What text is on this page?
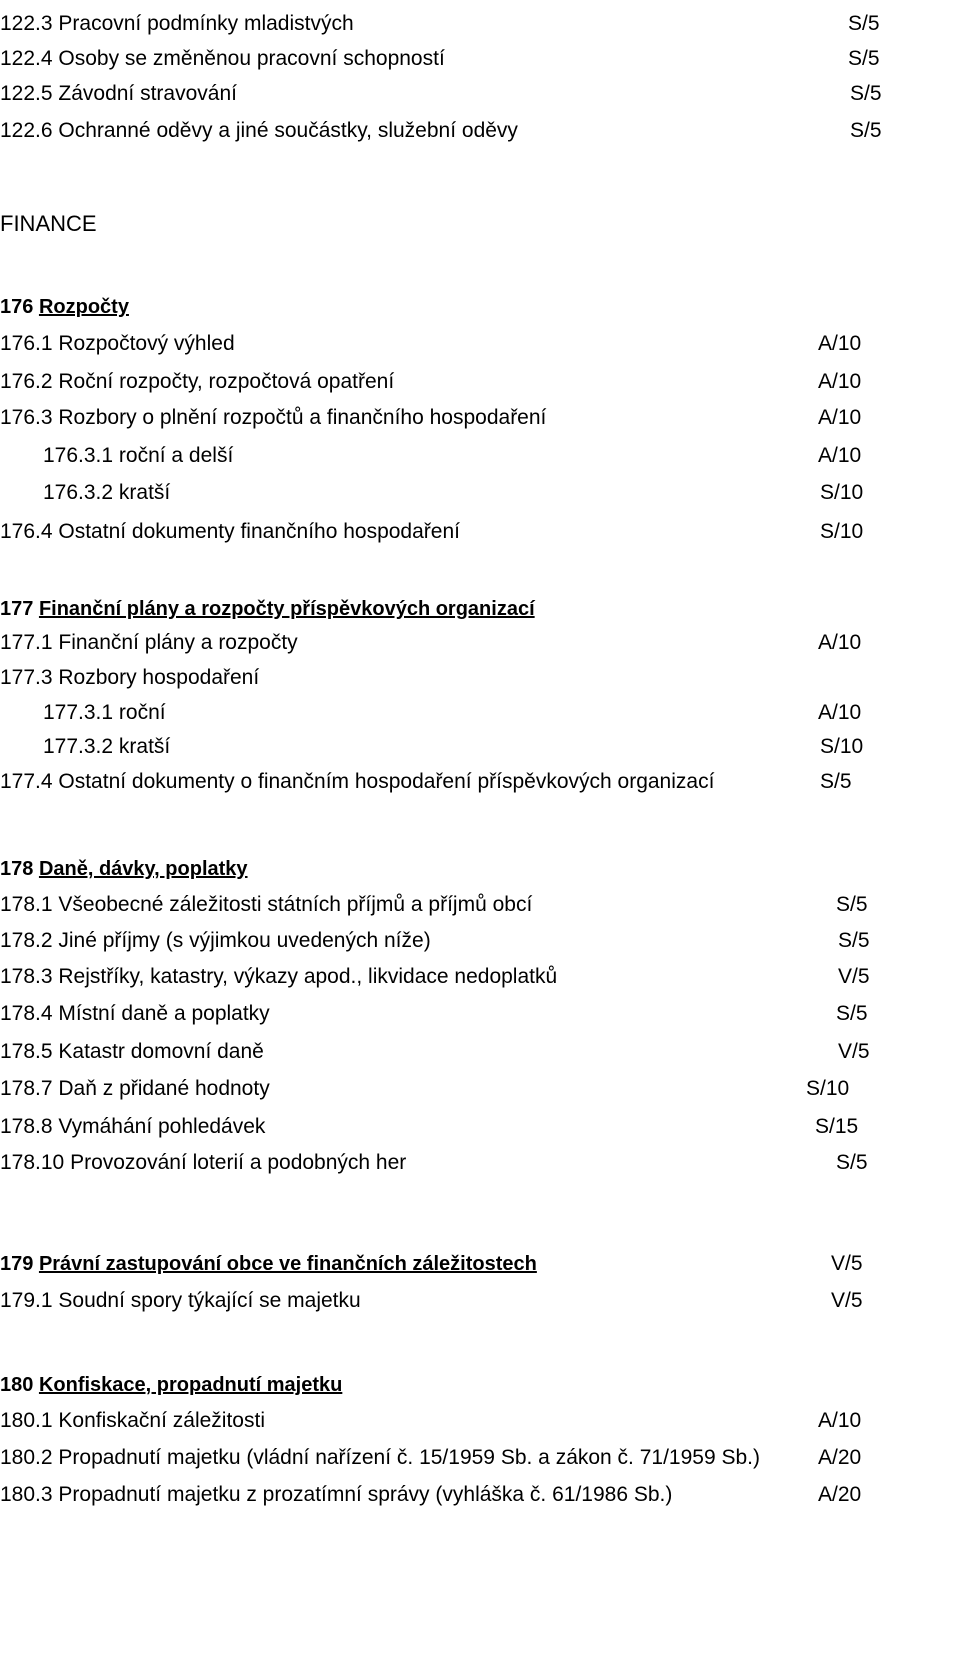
122.3 Pracovní podmínky mladistvých	S/5
122.4 Osoby se změněnou pracovní schopností	S/5
122.5 Závodní stravování	S/5
122.6 Ochranné oděvy a jiné součástky, služební oděvy	S/5
FINANCE
176 Rozpočty
176.1 Rozpočtový výhled	A/10
176.2 Roční rozpočty, rozpočtová opatření	A/10
176.3 Rozbory o plnění rozpočtů a finančního hospodaření	A/10
176.3.1 roční a delší	A/10
176.3.2 kratší	S/10
176.4 Ostatní dokumenty finančního hospodaření	S/10
177 Finanční plány a rozpočty příspěvkových organizací
177.1 Finanční plány a rozpočty	A/10
177.3 Rozbory hospodaření
177.3.1 roční	A/10
177.3.2 kratší	S/10
177.4 Ostatní dokumenty o finančním hospodaření příspěvkových organizací	S/5
178 Daně, dávky, poplatky
178.1 Všeobecné záležitosti státních příjmů a příjmů obcí	S/5
178.2 Jiné příjmy (s výjimkou uvedených níže)	S/5
178.3 Rejstříky, katastry, výkazy apod., likvidace nedoplatků	V/5
178.4 Místní daně a poplatky	S/5
178.5 Katastr domovní daně	V/5
178.7 Daň z přidané hodnoty	S/10
178.8 Vymáhání pohledávek	S/15
178.10 Provozování loterií a podobných her	S/5
179 Právní zastupování obce ve finančních záležitostech	V/5
179.1 Soudní spory týkající se majetku	V/5
180 Konfiskace, propadnutí majetku
180.1 Konfiskační záležitosti	A/10
180.2 Propadnutí majetku (vládní nařízení č. 15/1959 Sb. a zákon č. 71/1959 Sb.)	A/20
180.3 Propadnutí majetku z prozatímní správy (vyhláška č. 61/1986 Sb.)	A/20
